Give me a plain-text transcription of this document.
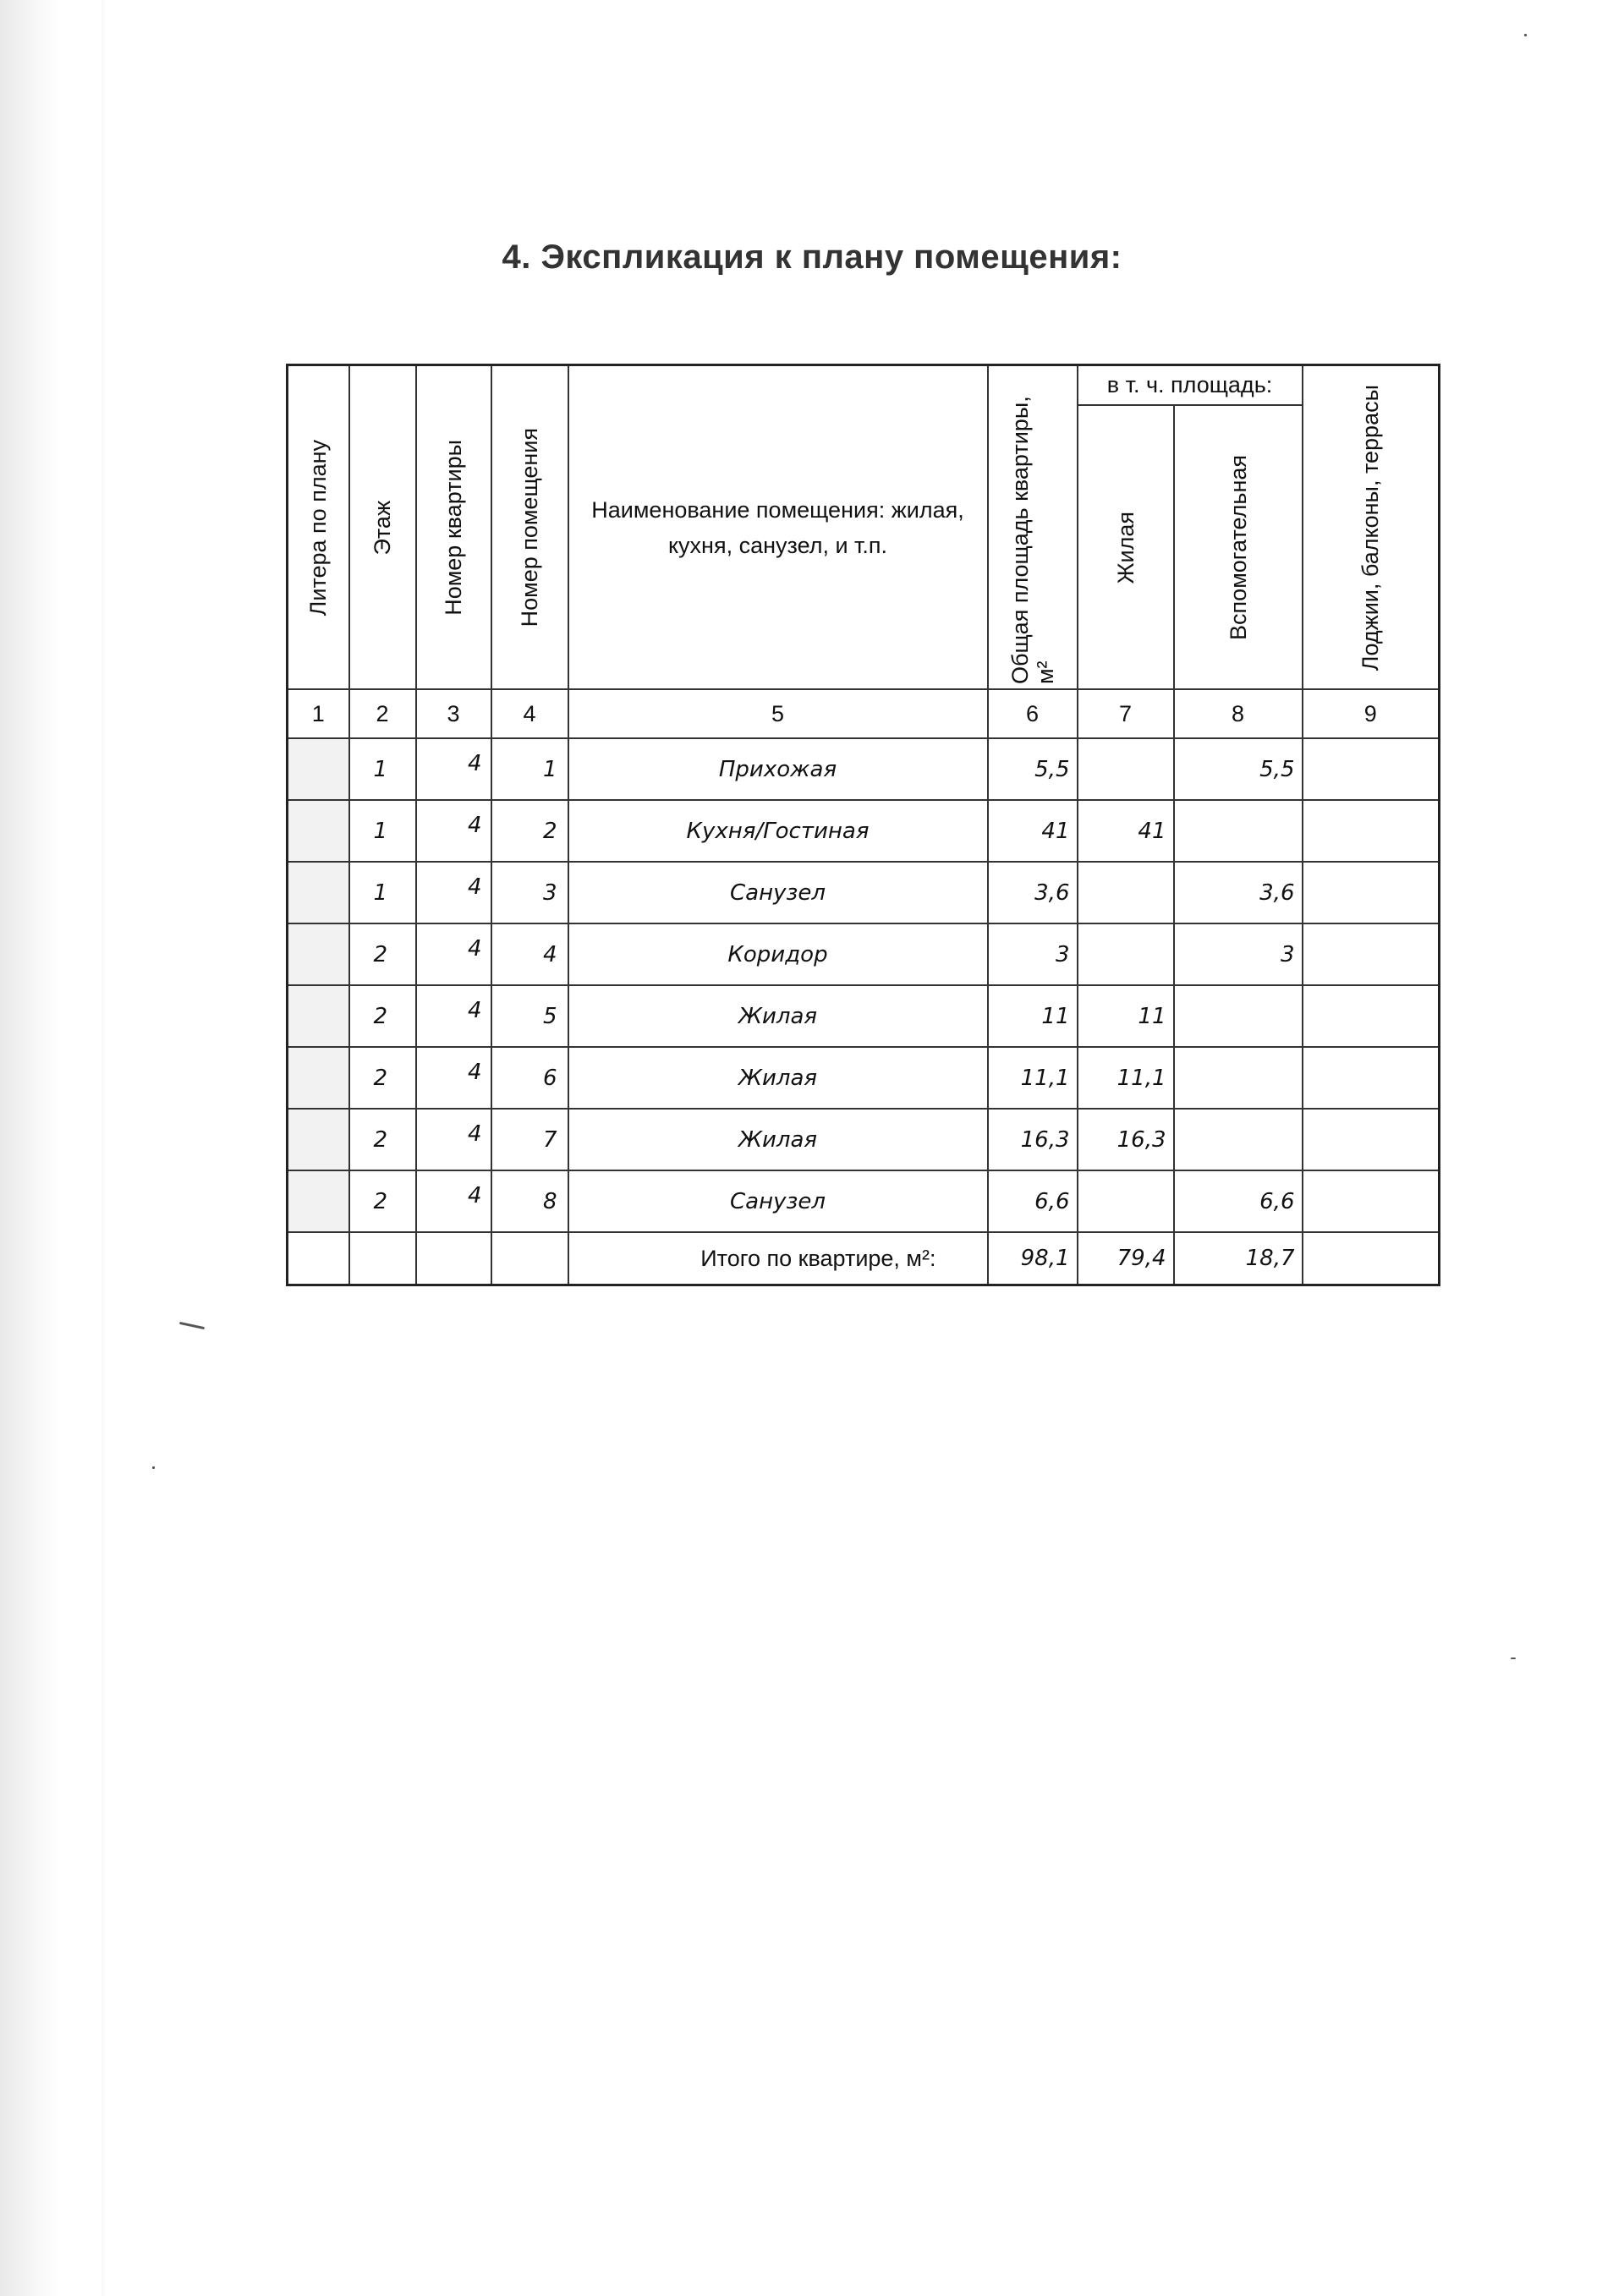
4. Экспликация к плану помещения:
Литера по плану	Этаж	Номер квартиры	Номер помещения	Наименование помещения: жилая, кухня, санузел, и т.п.	Общая площадь квартиры, м²	в т. ч. площадь:		Лоджии, балконы, террасы
						Жилая	Вспомогательная	
1	2	3	4	5	6	7	8	9
	1	4	1	Прихожая	5,5		5,5	
	1	4	2	Кухня/Гостиная	41	41		
	1	4	3	Санузел	3,6		3,6	
	2	4	4	Коридор	3		3	
	2	4	5	Жилая	11	11		
	2	4	6	Жилая	11,1	11,1		
	2	4	7	Жилая	16,3	16,3		
	2	4	8	Санузел	6,6		6,6	
				Итого по квартире, м²:	98,1	79,4	18,7	
